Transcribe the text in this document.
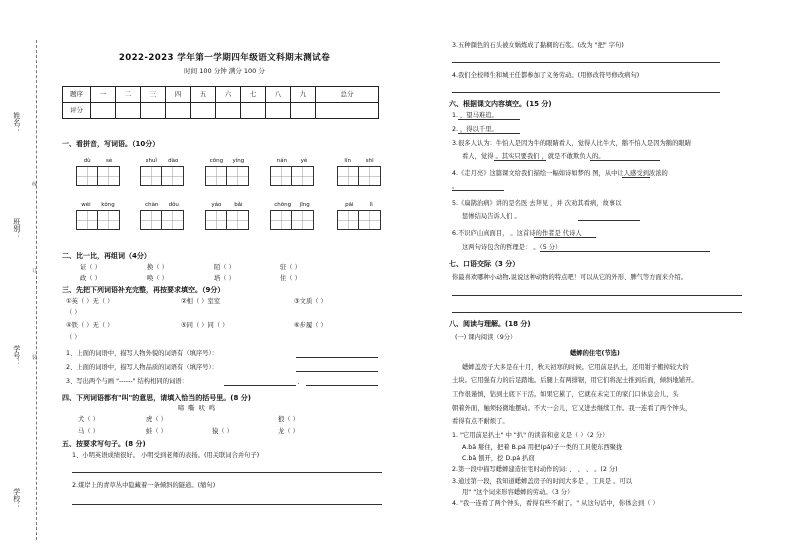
姓名：
班别：
学号：
学校：
线
订
装
2022-2023 学年第一学期四年级语文科期末测试卷
时间 100 分钟 满分 100 分
题序	一	二	三	四	五	六	七	八	九	总分
评分										
一、看拼音，写词语。（10分）
dù	sè	shuǐ dào	cōng yíng	nán yè	lín	shì
wéi kǒng	chàn dǒu	yáo bǎi	chōng jǐng	pāi	lì
二、比一比，再组词（4分）
证（ ）	换（ ）	陌（ ）	驻（ ）
政（ ）	唤（ ）	培（ ）	住（ ）
三、先把下列词语补充完整，再按要求填空。（9分）
①英（ ）无（ ）	②相（ ）室室	③文质（ ）
（ ）
④铁（ ）无（ ）	⑤同（ ）同（ ）	⑥步履（ ）
（ ）
1、上面的词语中，描写人物外貌的词语有（填序号）：
2、上面的词语中，描写人物品质的词语有（填序号）：
3、写出两个与画 "------" 结构相同的词语：	、
四、下列词语都有"叫"的意思，请填入恰当的括号里。(8 分)
啼 嘶 吠 鸣
犬（ ）	虎（ ）	狼（ ）
马（ ）	蛙（ ）	猿（ ）	龙（ ）
五、按要求写句子。(8 分)
1、小明英语成绩很好。 小明受到老师的表扬。(用关联词合并句子)
2.煤岸上的青草丛中隐藏着一条倾斜的隧道。(缩句)
3.五种颜色的石头被女娲炼成了黏稠的石浆。(改为 "把" 字句)
4.我们全校师生和城王任都参加了义务劳动。(用修改符号修改病句)
六、根据课文内容填空。(15 分)
1. ，望马难追。
2. ，得以千里。
3.很多人认为：牛怕人是因为牛的眼睛看人，觉得人比牛大，鹅不怕人是因为鹅的眼睛
看人，觉得 。其实只要我们 ，就是不敢欺负人的。
4.《走月亮》这篇课文给我们描绘一幅如诗如梦的 图，从中让人感受到浓浓的
。
5.《扁鹊治病》讲的是名医 去拜见 ，并 次劝其看病，故事以
惩惨结局告诉人们 。
6.不识庐山真面目， 。这首诗的作者是 代诗人
这两句诗包含的哲理是： 。（5 分）
七、口语交际（3 分）
你最喜欢哪种小动物,说说这种动物的特点吧！可以从它的外形、脾气等方面来介绍。
八、阅读与理解。(18 分)
(一) 课内阅读（9分）
蟋蟀的住宅(节选)
蟋蟀盖房子大多是在十月，秋天初寒的时候。它用前足扒土，还用钳子搬掉较大的
土块。它用强有力的后足踏地。后腿上有两排锯，用它们将泥土推到后面，倾斜地铺开。
工作很谨慎，钻到土底下干活。如果它累了，它就在未完工的家门口休息会儿，头
朝着外面，触须轻微地摆动。不大一会儿，它又进去继续工作。我一连看了两个钟头，
看得有点不耐烦了。
1. "它用前足扒土" 中 "扒" 的读音和意义是（ ）（2 分）
A.bā 掰住，把着 B.pá 用把(pá)子一类的工具使东西聚拢
C.bā 刨开，挖 D.pá 扒窃
2.第一段中描写蟋蟀建造住宅时动作的词: 、 、 、 。(2 分)
3.通过第一段，我知道蟋蟀盖房子的时间大多是 ，工具是 。可以
用" "这个词来形容蟋蟀的劳动。（3 分）
4. "我一连看了两个钟头，看得有些不耐了。" 从这句话中，你体会到（ ）
